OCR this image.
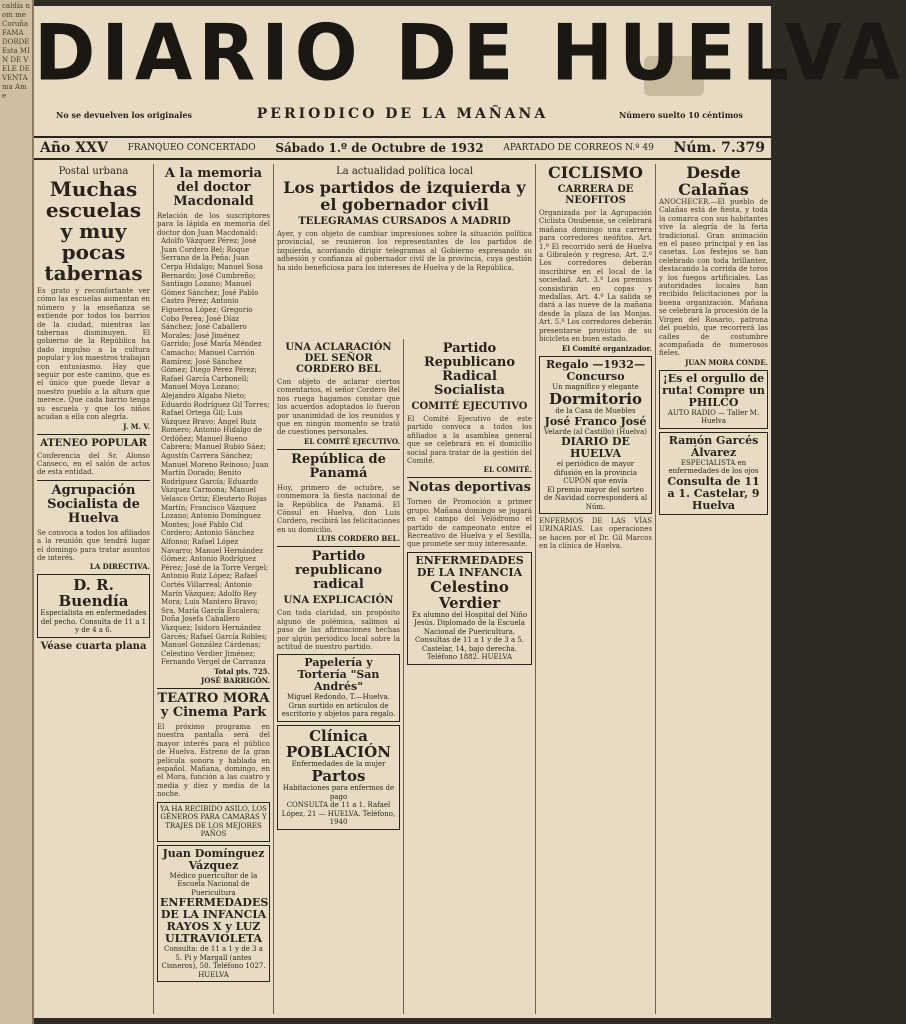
caldía nom me Coruña FAMA DORDE Esta MIN DE VELE DE VENTA ma Ame DIARIO DE HUELVA
No se devuelven los originales	PERIODICO DE LA MAÑANA	Número suelto 10 céntimos
Año XXV FRANQUEO CONCERTADO Sábado 1.º de Octubre de 1932 APARTADO DE CORREOS N.º 49 Núm. 7.379
Postal urbana
Muchas escuelas y muy pocas tabernas
Es grato y reconfortante ver cómo las escuelas aumentan en número y la enseñanza se extiende por todos los barrios de la ciudad, mientras las tabernas disminuyen. El gobierno de la República ha dado impulso a la cultura popular y los maestros trabajan con entusiasmo. Hay que seguir por este camino, que es el único que puede llevar a nuestro pueblo a la altura que merece. Que cada barrio tenga su escuela y que los niños acudan a ella con alegría.
J. M. V.
ATENEO POPULAR
Conferencia del Sr. Alonso Canseco, en el salón de actos de esta entidad.
Agrupación Socialista de Huelva
Se convoca a todos los afiliados a la reunión que tendrá lugar el domingo para tratar asuntos de interés.
LA DIRECTIVA.
D. R. Buendía
Especialista en enfermedades del pecho. Consulta de 11 a 1 y de 4 a 6.
Véase cuarta plana
A la memoria del doctor Macdonald
Relación de los suscriptores para la lápida en memoria del doctor don Juan Macdonald:
Adolfo Vázquez Pérez; José Juan Cordero Bel; Roque Serrano de la Peña; Juan Cerpa Hidalgo; Manuel Sosa Bernardo; José Cumbreño; Santiago Lozano; Manuel Gómez Sánchez; José Pablo Castro Pérez; Antonio Figueroa López; Gregorio Cobo Perea; José Díaz Sánchez; José Caballero Morales; José Jiménez Garrido; José María Méndez Camacho; Manuel Carrión Ramírez; José Sánchez Gómez; Diego Pérez Pérez; Rafael García Carbonell; Manuel Moya Lozano; Alejandro Algaba Nieto; Eduardo Rodríguez Gil Torres; Rafael Ortega Gil; Luis Vázquez Bravo; Ángel Ruiz Romero; Antonio Hidalgo de Ordóñez; Manuel Bueno Cabrera; Manuel Rubio Sáez; Agustín Carrera Sánchez; Manuel Moreno Reinoso; Juan Martín Dorado; Benito Rodríguez García; Eduardo Vázquez Carmona; Manuel Velasco Ortiz; Eleuterio Rojas Martín; Francisco Vázquez Lozano; Antonio Domínguez Montes; José Pablo Cid Cordero; Antonio Sánchez Alfonso; Rafael López Navarro; Manuel Hernández Gómez; Antonio Rodríguez Pérez; José de la Torre Vergel; Antonio Ruiz López; Rafael Cortés Villarreal; Antonio Marín Vázquez; Adolfo Rey Mora; Luis Mantero Bravo; Sra. María García Escalera; Doña Josefa Caballero Vázquez; Isidoro Hernández Garcés; Rafael García Robles; Manuel González Cárdenas; Celestino Verdier Jiménez; Fernando Vergel de Carranza
Total pts. 725.
JOSÉ BARRIGÓN.
TEATRO MORA y Cinema Park
El próximo programa en nuestra pantalla será del mayor interés para el público de Huelva. Estreno de la gran película sonora y hablada en español. Mañana, domingo, en el Mora, función a las cuatro y media y diez y media de la noche.
YA HA RECIBIDO ASILO, LOS GÉNEROS PARA CAMARAS Y TRAJES DE LOS MEJORES PAÑOS
Juan Domínguez Vázquez
Médico puericultor de la Escuela Nacional de Puericultura
ENFERMEDADES DE LA INFANCIA RAYOS X y LUZ ULTRAVIOLETA
Consulta: de 11 a 1 y de 3 a 5. Pi y Margall (antes Cisneros), 50. Teléfono 1027. HUELVA
La actualidad política local
Los partidos de izquierda y el gobernador civil
TELEGRAMAS CURSADOS A MADRID
Ayer, y con objeto de cambiar impresiones sobre la situación política provincial, se reunieron los representantes de los partidos de izquierda, acordando dirigir telegramas al Gobierno expresando su adhesión y confianza al gobernador civil de la provincia, cuya gestión ha sido beneficiosa para los intereses de Huelva y de la República.
UNA ACLARACIÓN DEL SEÑOR CORDERO BEL
Con objeto de aclarar ciertos comentarios, el señor Cordero Bel nos ruega hagamos constar que los acuerdos adoptados lo fueron por unanimidad de los reunidos y que en ningún momento se trató de cuestiones personales.
EL COMITÉ EJECUTIVO.
República de Panamá
Hoy, primero de octubre, se conmemora la fiesta nacional de la República de Panamá. El Cónsul en Huelva, don Luis Cordero, recibirá las felicitaciones en su domicilio.
LUIS CORDERO BEL.
Partido republicano radical
UNA EXPLICACIÓN
Con toda claridad, sin propósito alguno de polémica, salimos al paso de las afirmaciones hechas por algún periódico local sobre la actitud de nuestro partido.
Papelería y Tortería "San Andrés"
Miguel Redondo, T.—Huelva. Gran surtido en artículos de escritorio y objetos para regalo.
Clínica POBLACIÓN
Enfermedades de la mujer
Partos
Habitaciones para enfermos de pago
CONSULTA de 11 a 1. Rafael López, 21 — HUELVA. Teléfono, 1940
Partido Republicano Radical Socialista
COMITÉ EJECUTIVO
El Comité Ejecutivo de este partido convoca a todos los afiliados a la asamblea general que se celebrará en el domicilio social para tratar de la gestión del Comité.
EL COMITÉ.
Notas deportivas
Torneo de Promoción a primer grupo. Mañana domingo se jugará en el campo del Velódromo el partido de campeonato entre el Recreativo de Huelva y el Sevilla, que promete ser muy interesante.
ENFERMEDADES DE LA INFANCIA
Celestino Verdier
Ex alumno del Hospital del Niño Jesús. Diplomado de la Escuela Nacional de Puericultura. Consultas de 11 a 1 y de 3 a 5.
Castelar, 14, bajo derecha. Teléfono 1882. HUELVA
CICLISMO
CARRERA DE NEOFITOS
Organizada por la Agrupación Ciclista Onubense, se celebrará mañana domingo una carrera para corredores neófitos. Art. 1.º El recorrido será de Huelva a Gibraleón y regreso. Art. 2.º Los corredores deberán inscribirse en el local de la sociedad. Art. 3.º Los premios consistirán en copas y medallas. Art. 4.º La salida se dará a las nueve de la mañana desde la plaza de las Monjas. Art. 5.º Los corredores deberán presentarse provistos de su bicicleta en buen estado.
El Comité organizador.
Regalo —1932— Concurso
Un magnífico y elegante
Dormitorio
de la Casa de Muebles
José Franco José
Velarde (al Castillo) (Huelva)
DIARIO DE HUELVA
el periódico de mayor difusión en la provincia
CUPÓN que envía
El premio mayor del sorteo de Navidad corresponderá al
Núm.
ENFERMOS DE LAS VÍAS URINARIAS. Las operaciones se hacen por el Dr. Gil Marcos en la clínica de Huelva.
Desde Calañas
ANOCHECER.—El pueblo de Calañas está de fiesta, y toda la comarca con sus habitantes vive la alegría de la feria tradicional. Gran animación en el paseo principal y en las casetas. Los festejos se han celebrado con toda brillantez, destacando la corrida de toros y los fuegos artificiales. Las autoridades locales han recibido felicitaciones por la buena organización. Mañana se celebrará la procesión de la Virgen del Rosario, patrona del pueblo, que recorrerá las calles de costumbre acompañada de numerosos fieles.
JUAN MORA CONDE.
¡Es el orgullo de ruta! Compre un PHILCO
AUTO RADIO — Taller M. Huelva
Ramón Garcés Álvarez
ESPECIALISTA en enfermedades de los ojos
Consulta de 11 a 1. Castelar, 9 Huelva
